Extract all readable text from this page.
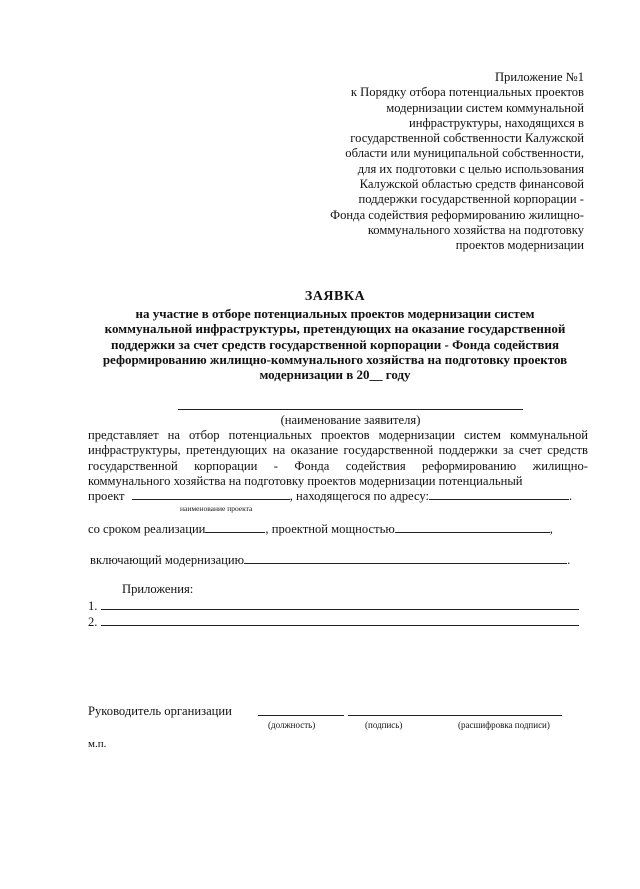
Приложение №1
к Порядку отбора потенциальных проектов
модернизации систем коммунальной
инфраструктуры, находящихся в
государственной собственности Калужской
области или муниципальной собственности,
для их подготовки с целью использования
Калужской областью средств финансовой
поддержки государственной корпорации -
Фонда содействия реформированию жилищно-
коммунального хозяйства на подготовку
проектов модернизации
ЗАЯВКА
на участие в отборе потенциальных проектов модернизации систем
коммунальной инфраструктуры, претендующих на оказание государственной
поддержки за счет средств государственной корпорации - Фонда содействия
реформированию жилищно-коммунального хозяйства на подготовку проектов
модернизации в 20__ году
(наименование заявителя)
представляет на отбор потенциальных проектов модернизации систем коммунальной инфраструктуры, претендующих на оказание государственной поддержки за счет средств государственной корпорации - Фонда содействия реформированию жилищно-коммунального хозяйства на подготовку проектов модернизации потенциальный
проект	, находящегося по адресу:	.
наименование проекта
со сроком реализации	, проектной мощностью	,
включающий модернизацию	.
Приложения:
1.
2.
Руководитель организации
(должность)	(подпись)	(расшифровка подписи)
м.п.
